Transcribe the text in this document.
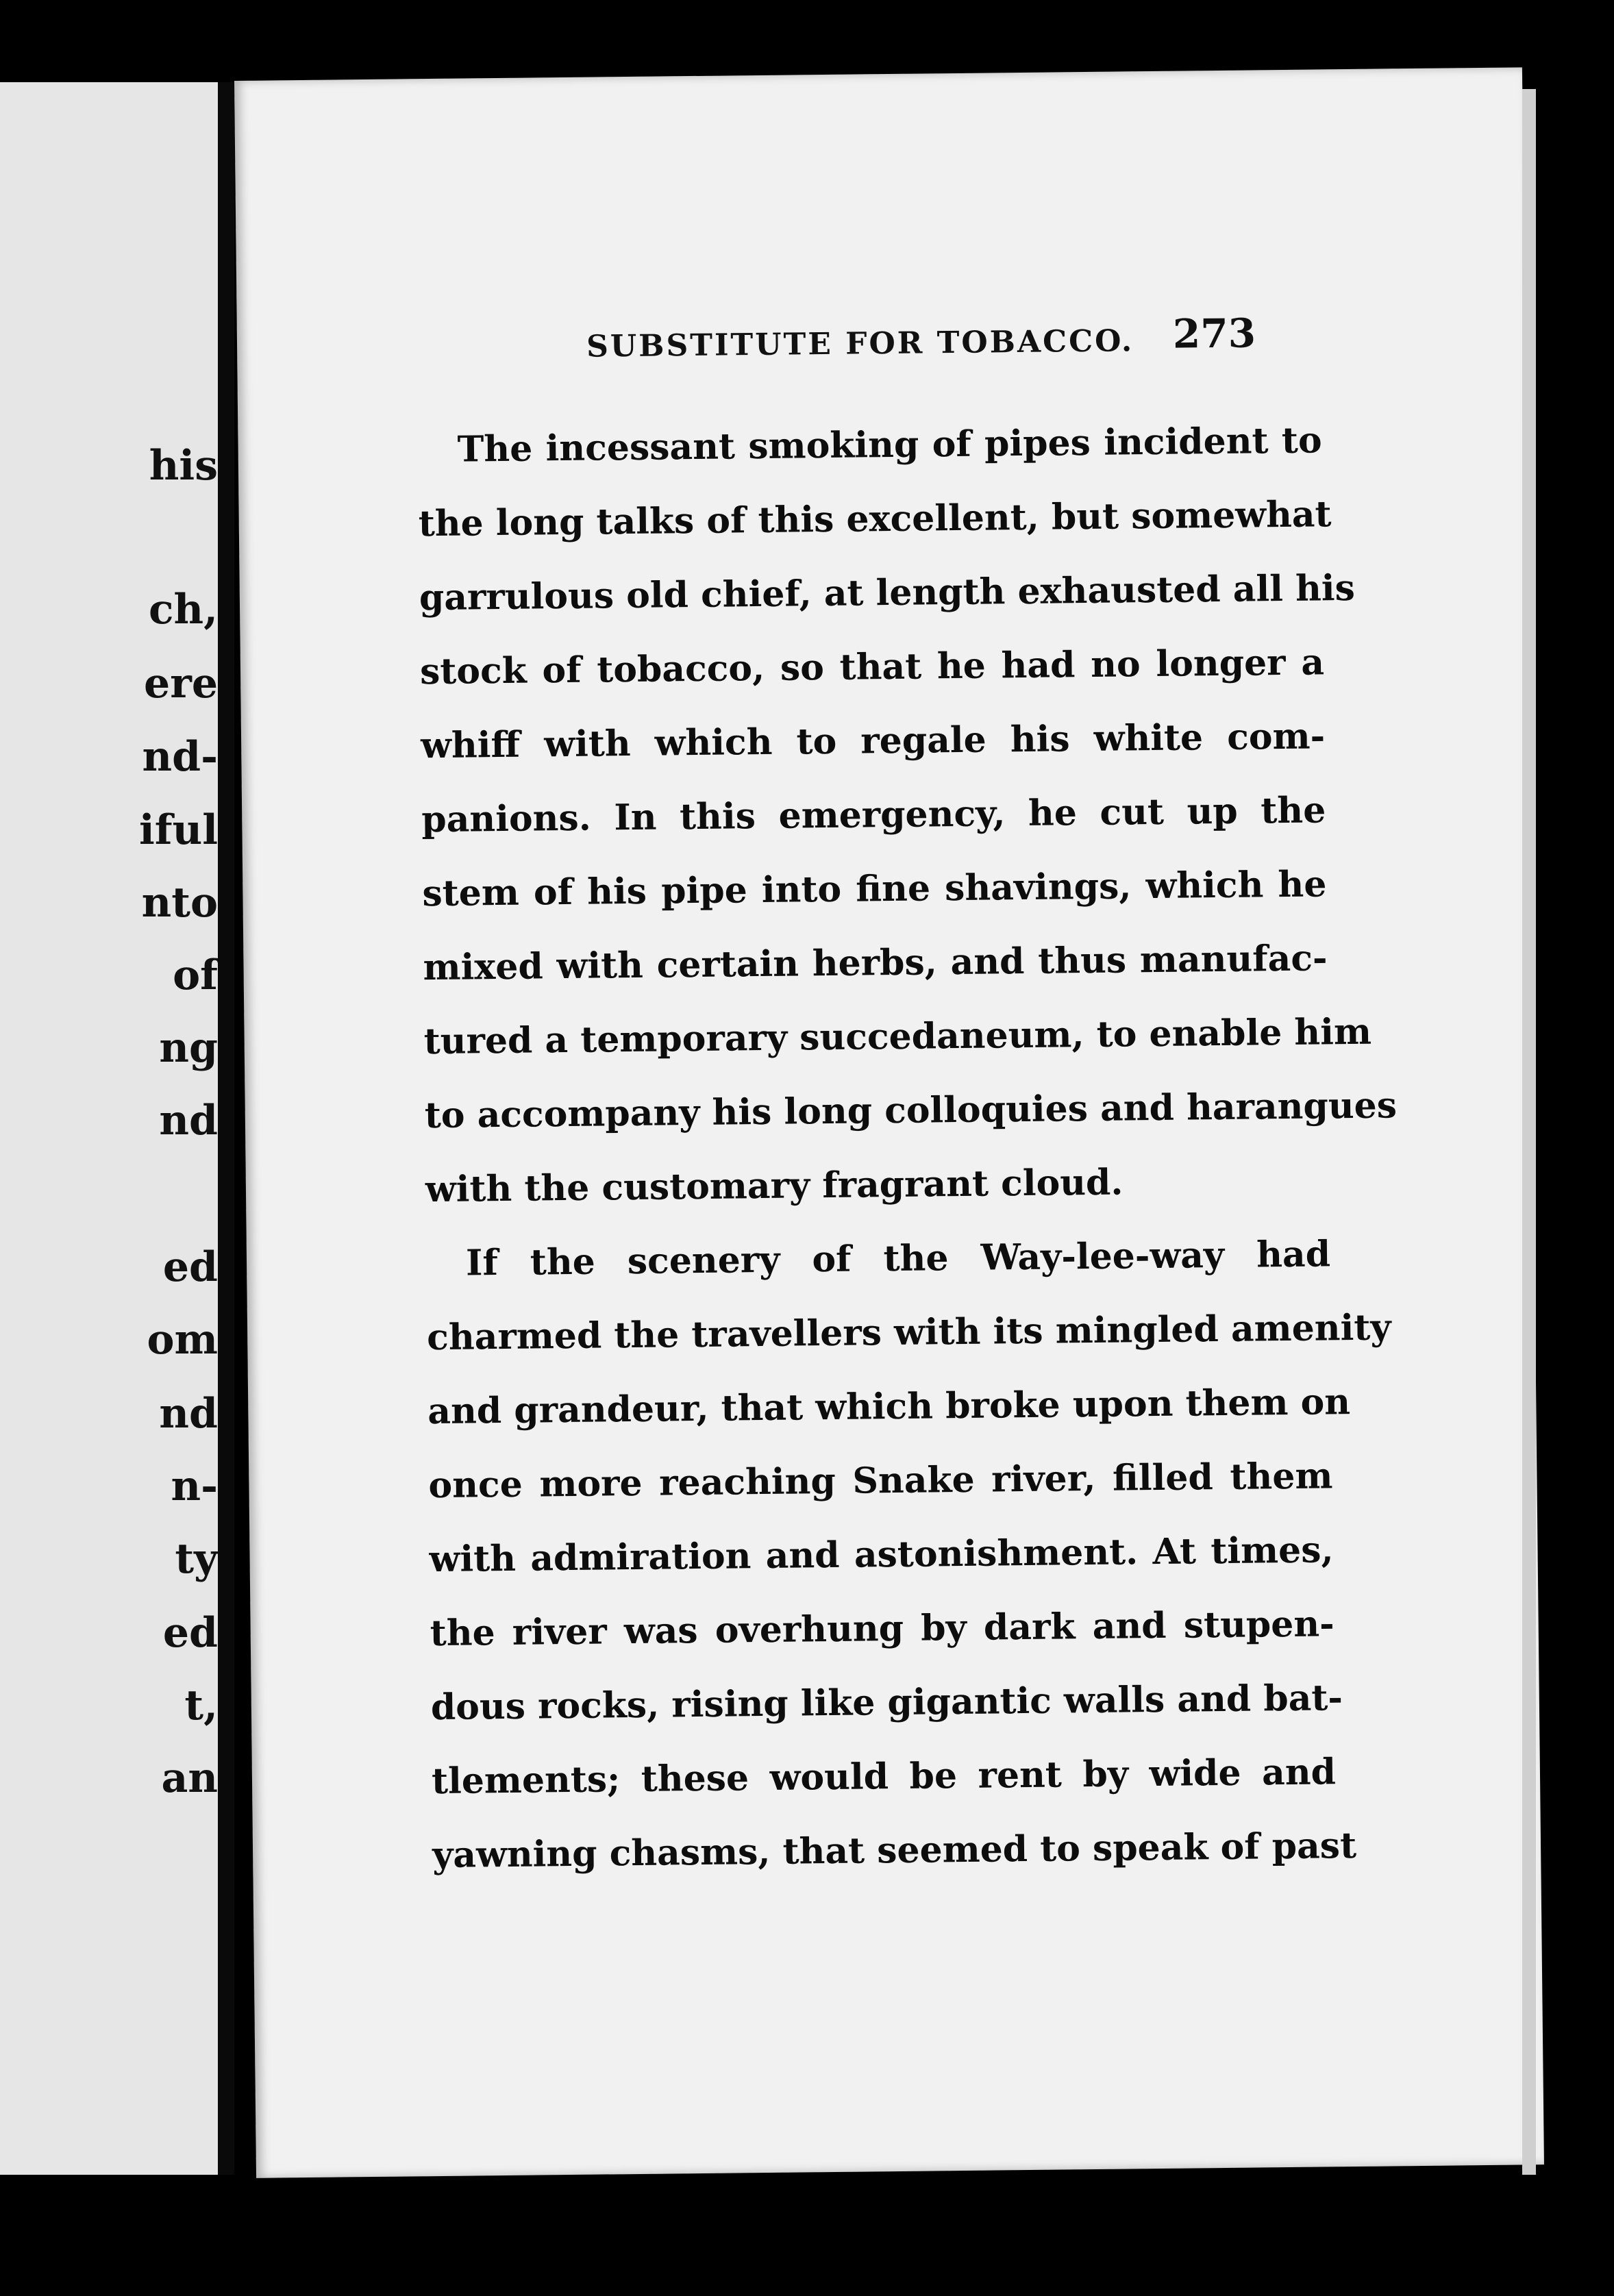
his
ch,
ere
nd-
iful
nto
of
ng
nd
ed
om
nd
n-
ty
ed
t,
an
SUBSTITUTE FOR TOBACCO. 273
The incessant smoking of pipes incident to
the long talks of this excellent, but somewhat
garrulous old chief, at length exhausted all his
stock of tobacco, so that he had no longer a
whiff with which to regale his white com-
panions. In this emergency, he cut up the
stem of his pipe into fine shavings, which he
mixed with certain herbs, and thus manufac-
tured a temporary succedaneum, to enable him
to accompany his long colloquies and harangues
with the customary fragrant cloud.
If the scenery of the Way-lee-way had
charmed the travellers with its mingled amenity
and grandeur, that which broke upon them on
once more reaching Snake river, filled them
with admiration and astonishment. At times,
the river was overhung by dark and stupen-
dous rocks, rising like gigantic walls and bat-
tlements; these would be rent by wide and
yawning chasms, that seemed to speak of past
